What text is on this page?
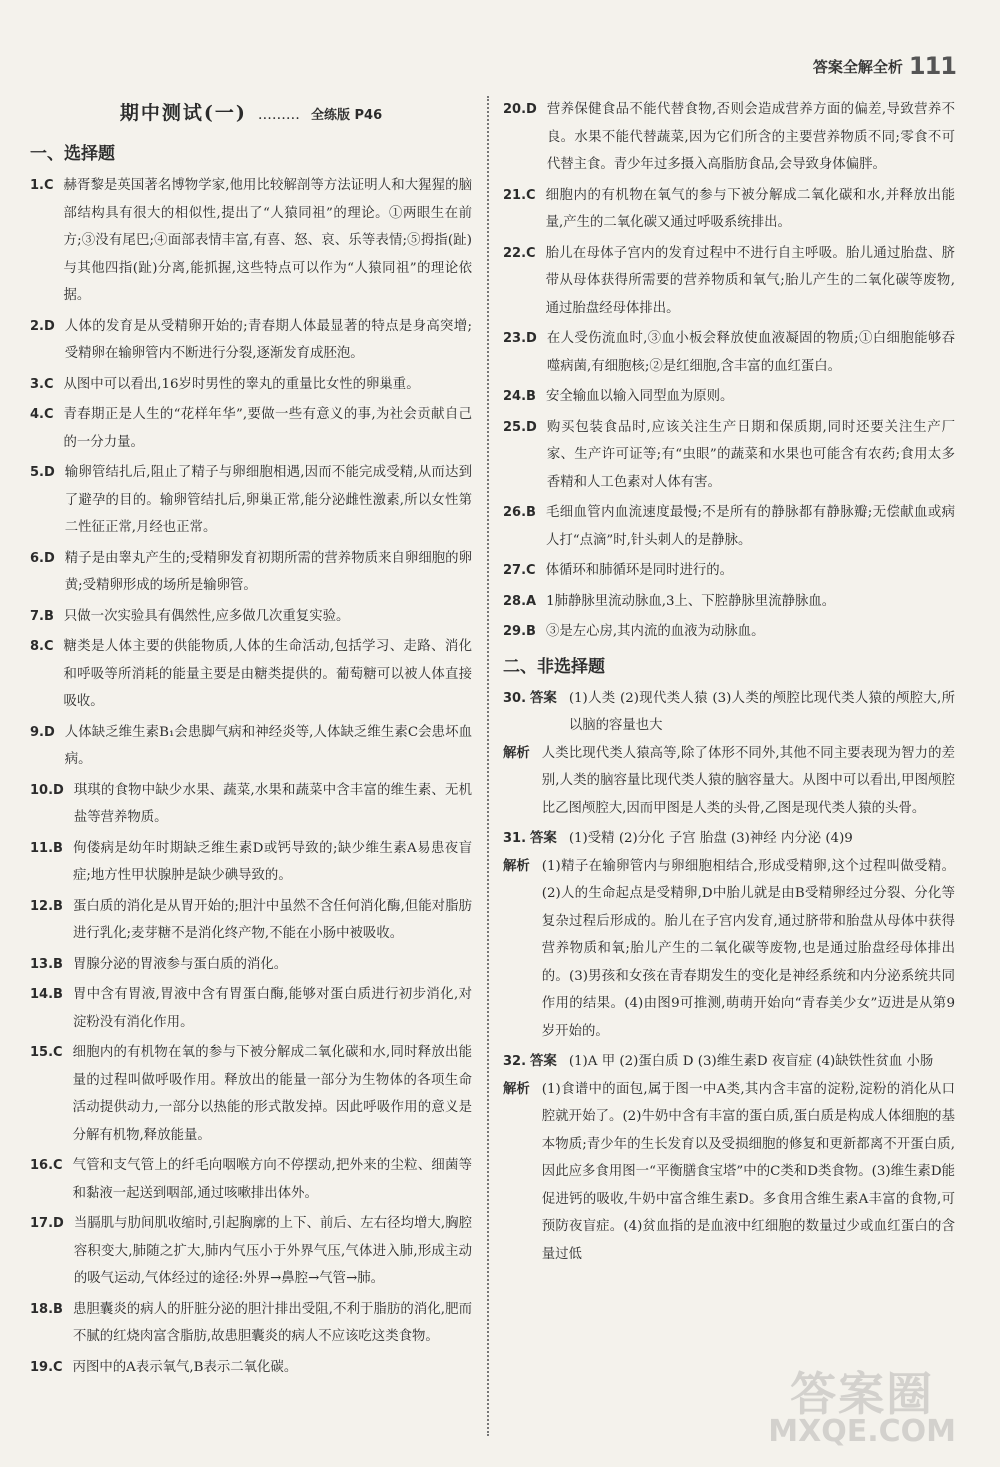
答案全解全析 111
期中测试(一) ……… 全练版 P46
一、选择题
1.C 赫胥黎是英国著名博物学家,他用比较解剖等方法证明人和大猩猩的脑部结构具有很大的相似性,提出了“人猿同祖”的理论。①两眼生在前方;③没有尾巴;④面部表情丰富,有喜、怒、哀、乐等表情;⑤拇指(趾)与其他四指(趾)分离,能抓握,这些特点可以作为“人猿同祖”的理论依据。
2.D 人体的发育是从受精卵开始的;青春期人体最显著的特点是身高突增;受精卵在输卵管内不断进行分裂,逐渐发育成胚泡。
3.C 从图中可以看出,16岁时男性的睾丸的重量比女性的卵巢重。
4.C 青春期正是人生的“花样年华”,要做一些有意义的事,为社会贡献自己的一分力量。
5.D 输卵管结扎后,阻止了精子与卵细胞相遇,因而不能完成受精,从而达到了避孕的目的。输卵管结扎后,卵巢正常,能分泌雌性激素,所以女性第二性征正常,月经也正常。
6.D 精子是由睾丸产生的;受精卵发育初期所需的营养物质来自卵细胞的卵黄;受精卵形成的场所是输卵管。
7.B 只做一次实验具有偶然性,应多做几次重复实验。
8.C 糖类是人体主要的供能物质,人体的生命活动,包括学习、走路、消化和呼吸等所消耗的能量主要是由糖类提供的。葡萄糖可以被人体直接吸收。
9.D 人体缺乏维生素B₁会患脚气病和神经炎等,人体缺乏维生素C会患坏血病。
10.D 琪琪的食物中缺少水果、蔬菜,水果和蔬菜中含丰富的维生素、无机盐等营养物质。
11.B 佝偻病是幼年时期缺乏维生素D或钙导致的;缺少维生素A易患夜盲症;地方性甲状腺肿是缺少碘导致的。
12.B 蛋白质的消化是从胃开始的;胆汁中虽然不含任何消化酶,但能对脂肪进行乳化;麦芽糖不是消化终产物,不能在小肠中被吸收。
13.B 胃腺分泌的胃液参与蛋白质的消化。
14.B 胃中含有胃液,胃液中含有胃蛋白酶,能够对蛋白质进行初步消化,对淀粉没有消化作用。
15.C 细胞内的有机物在氧的参与下被分解成二氧化碳和水,同时释放出能量的过程叫做呼吸作用。释放出的能量一部分为生物体的各项生命活动提供动力,一部分以热能的形式散发掉。因此呼吸作用的意义是分解有机物,释放能量。
16.C 气管和支气管上的纤毛向咽喉方向不停摆动,把外来的尘粒、细菌等和黏液一起送到咽部,通过咳嗽排出体外。
17.D 当膈肌与肋间肌收缩时,引起胸廓的上下、前后、左右径均增大,胸腔容积变大,肺随之扩大,肺内气压小于外界气压,气体进入肺,形成主动的吸气运动,气体经过的途径:外界→鼻腔→气管→肺。
18.B 患胆囊炎的病人的肝脏分泌的胆汁排出受阻,不利于脂肪的消化,肥而不腻的红烧肉富含脂肪,故患胆囊炎的病人不应该吃这类食物。
19.C 丙图中的A表示氧气,B表示二氧化碳。
20.D 营养保健食品不能代替食物,否则会造成营养方面的偏差,导致营养不良。水果不能代替蔬菜,因为它们所含的主要营养物质不同;零食不可代替主食。青少年过多摄入高脂肪食品,会导致身体偏胖。
21.C 细胞内的有机物在氧气的参与下被分解成二氧化碳和水,并释放出能量,产生的二氧化碳又通过呼吸系统排出。
22.C 胎儿在母体子宫内的发育过程中不进行自主呼吸。胎儿通过胎盘、脐带从母体获得所需要的营养物质和氧气;胎儿产生的二氧化碳等废物,通过胎盘经母体排出。
23.D 在人受伤流血时,③血小板会释放使血液凝固的物质;①白细胞能够吞噬病菌,有细胞核;②是红细胞,含丰富的血红蛋白。
24.B 安全输血以输入同型血为原则。
25.D 购买包装食品时,应该关注生产日期和保质期,同时还要关注生产厂家、生产许可证等;有“虫眼”的蔬菜和水果也可能含有农药;食用太多香精和人工色素对人体有害。
26.B 毛细血管内血流速度最慢;不是所有的静脉都有静脉瓣;无偿献血或病人打“点滴”时,针头刺人的是静脉。
27.C 体循环和肺循环是同时进行的。
28.A 1肺静脉里流动脉血,3上、下腔静脉里流静脉血。
29.B ③是左心房,其内流的血液为动脉血。
二、非选择题
30. 答案 (1)人类 (2)现代类人猿 (3)人类的颅腔比现代类人猿的颅腔大,所以脑的容量也大
解析 人类比现代类人猿高等,除了体形不同外,其他不同主要表现为智力的差别,人类的脑容量比现代类人猿的脑容量大。从图中可以看出,甲图颅腔比乙图颅腔大,因而甲图是人类的头骨,乙图是现代类人猿的头骨。
31. 答案 (1)受精 (2)分化 子宫 胎盘 (3)神经 内分泌 (4)9
解析 (1)精子在输卵管内与卵细胞相结合,形成受精卵,这个过程叫做受精。(2)人的生命起点是受精卵,D中胎儿就是由B受精卵经过分裂、分化等复杂过程后形成的。胎儿在子宫内发育,通过脐带和胎盘从母体中获得营养物质和氧;胎儿产生的二氧化碳等废物,也是通过胎盘经母体排出的。(3)男孩和女孩在青春期发生的变化是神经系统和内分泌系统共同作用的结果。(4)由图9可推测,萌萌开始向“青春美少女”迈进是从第9岁开始的。
32. 答案 (1)A 甲 (2)蛋白质 D (3)维生素D 夜盲症 (4)缺铁性贫血 小肠
解析 (1)食谱中的面包,属于图一中A类,其内含丰富的淀粉,淀粉的消化从口腔就开始了。(2)牛奶中含有丰富的蛋白质,蛋白质是构成人体细胞的基本物质;青少年的生长发育以及受损细胞的修复和更新都离不开蛋白质,因此应多食用图一“平衡膳食宝塔”中的C类和D类食物。(3)维生素D能促进钙的吸收,牛奶中富含维生素D。多食用含维生素A丰富的食物,可预防夜盲症。(4)贫血指的是血液中红细胞的数量过少或血红蛋白的含量过低
答案圈
MXQE.COM
